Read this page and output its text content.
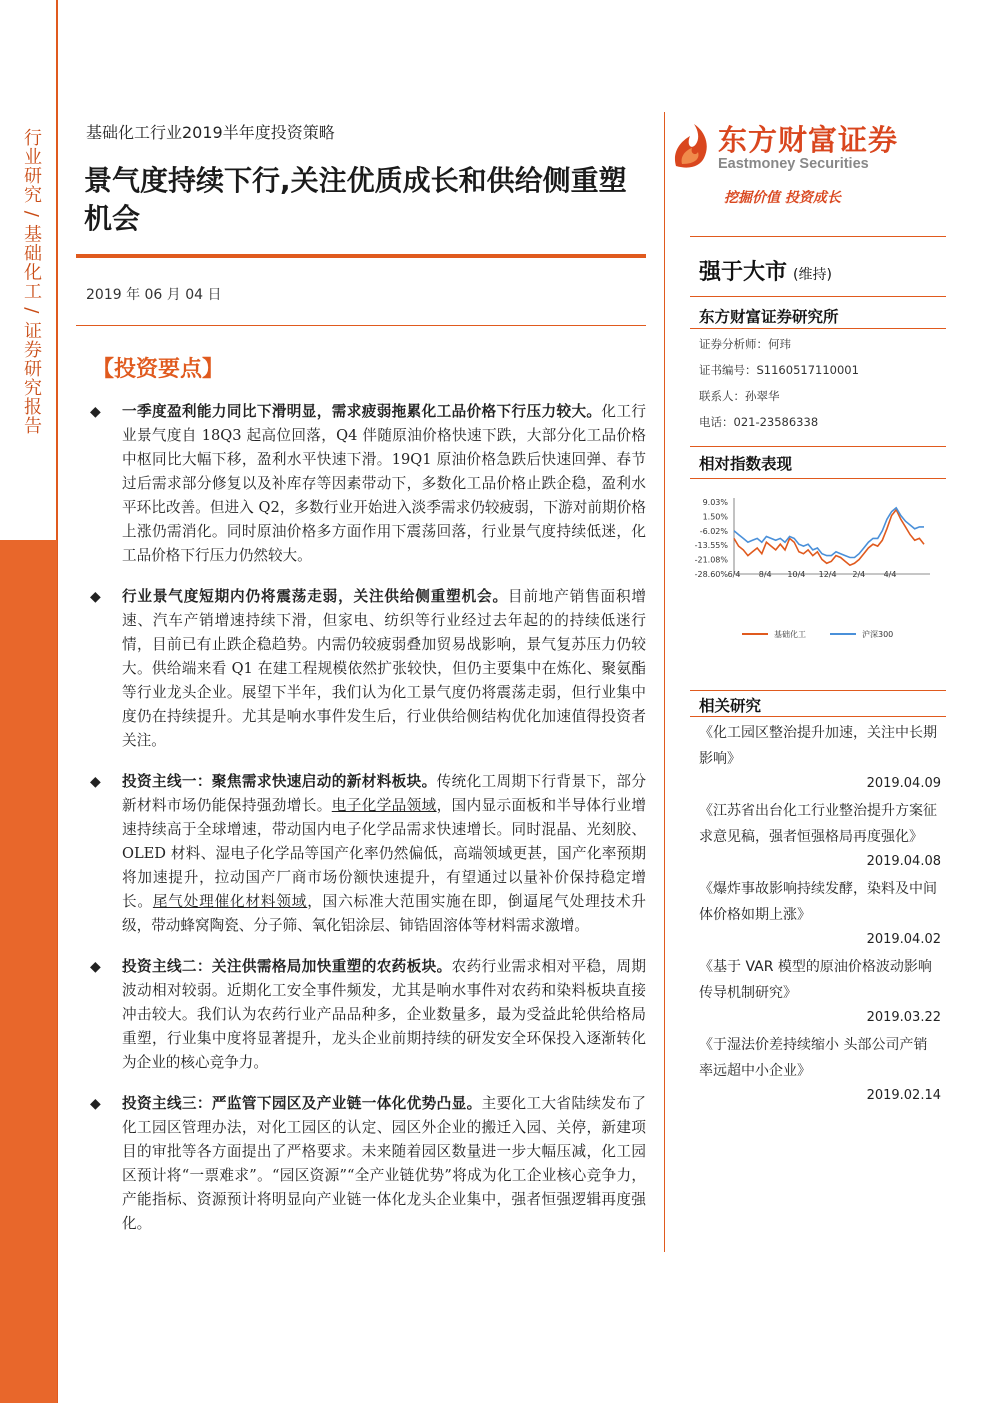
行业研究 / 基础化工 / 证券研究报告	基础化工行业2019半年度投资策略
景气度持续下行,关注优质成长和供给侧重塑机会
2019 年 06 月 04 日
【投资要点】
◆ 一季度盈利能力同比下滑明显，需求疲弱拖累化工品价格下行压力较大。化工行业景气度自 18Q3 起高位回落，Q4 伴随原油价格快速下跌，大部分化工品价格中枢同比大幅下移，盈利水平快速下滑。19Q1 原油价格急跌后快速回弹、春节过后需求部分修复以及补库存等因素带动下，多数化工品价格止跌企稳，盈利水平环比改善。但进入 Q2，多数行业开始进入淡季需求仍较疲弱，下游对前期价格上涨仍需消化。同时原油价格多方面作用下震荡回落，行业景气度持续低迷，化工品价格下行压力仍然较大。
◆ 行业景气度短期内仍将震荡走弱，关注供给侧重塑机会。目前地产销售面积增速、汽车产销增速持续下滑，但家电、纺织等行业经过去年起的的持续低迷行情，目前已有止跌企稳趋势。内需仍较疲弱叠加贸易战影响，景气复苏压力仍较大。供给端来看 Q1 在建工程规模依然扩张较快，但仍主要集中在炼化、聚氨酯等行业龙头企业。展望下半年，我们认为化工景气度仍将震荡走弱，但行业集中度仍在持续提升。尤其是响水事件发生后，行业供给侧结构优化加速值得投资者关注。
◆ 投资主线一：聚焦需求快速启动的新材料板块。传统化工周期下行背景下，部分新材料市场仍能保持强劲增长。电子化学品领域，国内显示面板和半导体行业增速持续高于全球增速，带动国内电子化学品需求快速增长。同时混晶、光刻胶、OLED 材料、湿电子化学品等国产化率仍然偏低，高端领域更甚，国产化率预期将加速提升，拉动国产厂商市场份额快速提升，有望通过以量补价保持稳定增长。尾气处理催化材料领域，国六标准大范围实施在即，倒逼尾气处理技术升级，带动蜂窝陶瓷、分子筛、氧化铝涂层、铈锆固溶体等材料需求激增。
◆ 投资主线二：关注供需格局加快重塑的农药板块。农药行业需求相对平稳，周期波动相对较弱。近期化工安全事件频发，尤其是响水事件对农药和染料板块直接冲击较大。我们认为农药行业产品品种多，企业数量多，最为受益此轮供给格局重塑，行业集中度将显著提升，龙头企业前期持续的研发安全环保投入逐渐转化为企业的核心竞争力。
◆ 投资主线三：严监管下园区及产业链一体化优势凸显。主要化工大省陆续发布了化工园区管理办法，对化工园区的认定、园区外企业的搬迁入园、关停，新建项目的审批等各方面提出了严格要求。未来随着园区数量进一步大幅压减，化工园区预计将“一票难求”。“园区资源”“全产业链优势”将成为化工企业核心竞争力，产能指标、资源预计将明显向产业链一体化龙头企业集中，强者恒强逻辑再度强化。
东方财富证券
Eastmoney Securities
挖掘价值 投资成长
强于大市 (维持)
东方财富证券研究所
证券分析师：何玮
证书编号：S1160517110001
联系人：孙翠华
电话：021-23586338
相对指数表现
9.03%
1.50%
-6.02%
-13.55%
-21.08%
-28.60% 6/4 8/4 10/4 12/4 2/4 4/4
基础化工	沪深300
相关研究
《化工园区整治提升加速，关注中长期影响》
2019.04.09
《江苏省出台化工行业整治提升方案征求意见稿，强者恒强格局再度强化》
2019.04.08
《爆炸事故影响持续发酵，染料及中间体价格如期上涨》
2019.04.02
《基于 VAR 模型的原油价格波动影响传导机制研究》
2019.03.22
《于湿法价差持续缩小 头部公司产销率远超中小企业》
2019.02.14
